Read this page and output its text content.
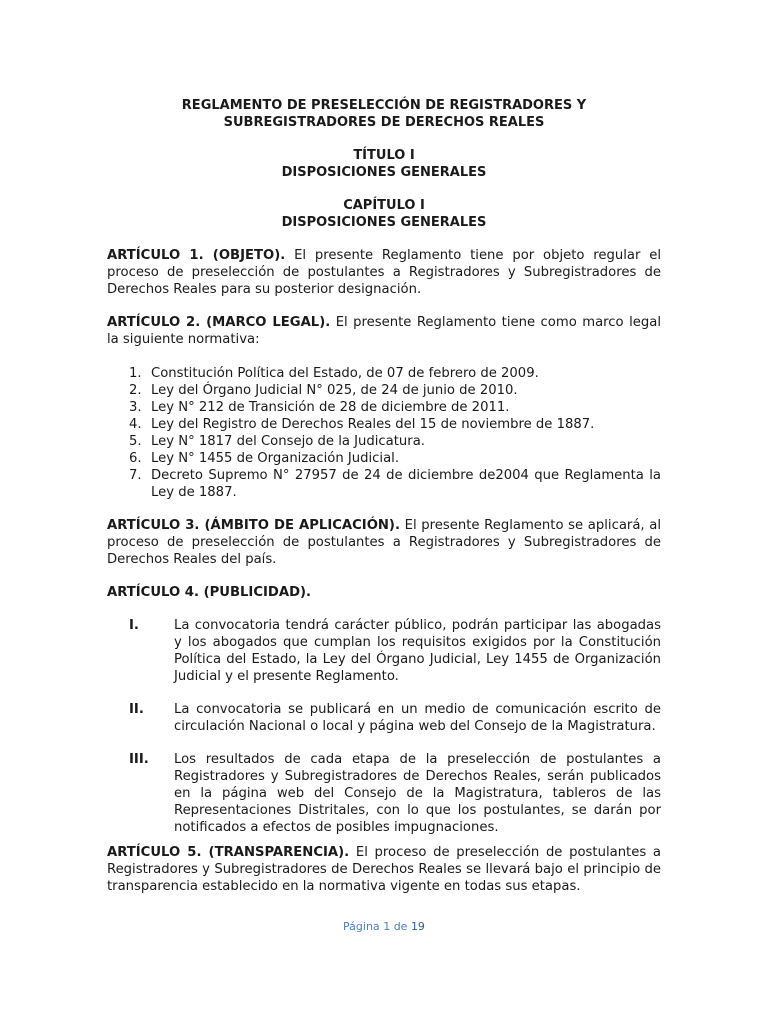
REGLAMENTO DE PRESELECCIÓN DE REGISTRADORES Y

SUBREGISTRADORES DE DERECHOS REALES

TÍTULO I

DISPOSICIONES GENERALES

CAPÍTULO I

DISPOSICIONES GENERALES

ARTÍCULO 1. (OBJETO). El presente Reglamento tiene por objeto regular el proceso de preselección de postulantes a Registradores y Subregistradores de Derechos Reales para su posterior designación.

ARTÍCULO 2. (MARCO LEGAL). El presente Reglamento tiene como marco legal la siguiente normativa:

1. Constitución Política del Estado, de 07 de febrero de 2009.
2. Ley del Órgano Judicial N° 025, de 24 de junio de 2010.
3. Ley N° 212 de Transición de 28 de diciembre de 2011.
4. Ley del Registro de Derechos Reales del 15 de noviembre de 1887.
5. Ley N° 1817 del Consejo de la Judicatura.
6. Ley N° 1455 de Organización Judicial.
7. Decreto Supremo N° 27957 de 24 de diciembre de2004 que Reglamenta la Ley de 1887.

ARTÍCULO 3. (ÁMBITO DE APLICACIÓN). El presente Reglamento se aplicará, al proceso de preselección de postulantes a Registradores y Subregistradores de Derechos Reales del país.

ARTÍCULO 4. (PUBLICIDAD).

I.	La convocatoria tendrá carácter público, podrán participar las abogadas y los abogados que cumplan los requisitos exigidos por la Constitución Política del Estado, la Ley del Órgano Judicial, Ley 1455 de Organización Judicial y el presente Reglamento.
II. La convocatoria se publicará en un medio de comunicación escrito de circulación Nacional o local y página web del Consejo de la Magistratura.
III. Los resultados de cada etapa de la preselección de postulantes a Registradores y Subregistradores de Derechos Reales, serán publicados en la página web del Consejo de la Magistratura, tableros de las Representaciones Distritales, con lo que los postulantes, se darán por notificados a efectos de posibles impugnaciones.

ARTÍCULO 5. (TRANSPARENCIA). El proceso de preselección de postulantes a Registradores y Subregistradores de Derechos Reales se llevará bajo el principio de transparencia establecido en la normativa vigente en todas sus etapas.

Página 1 de 19
